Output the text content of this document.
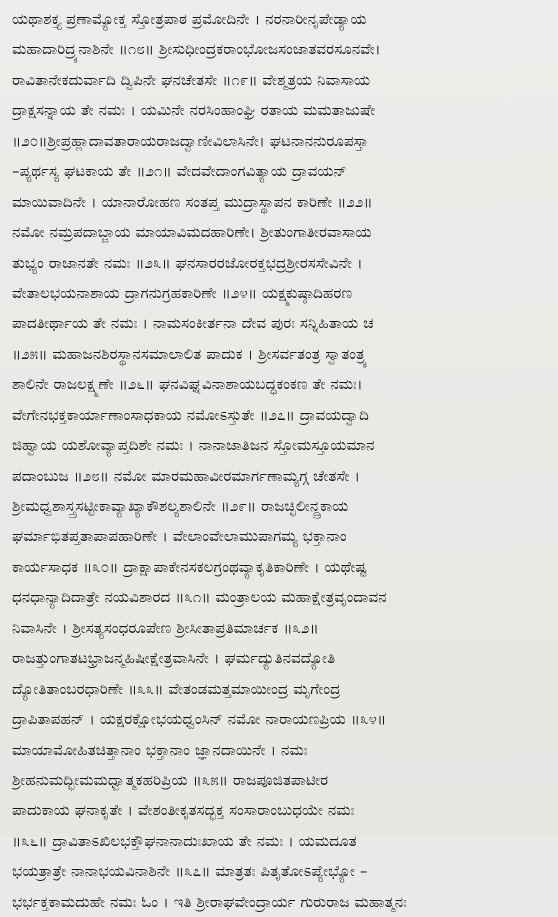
ಯಥಾಶಕ್ತ್ಯ ಪ್ರಣಾಮ್ಯೋಕ್ತ ಸ್ತೋತ್ರಪಾಠ ಪ್ರಮೋದಿನೇ । ನರನಾರೀನೃಪೇಡ್ಯಾಯ
ಮಹಾದಾರಿದ್ರ್ಯನಾಶಿನೇ ॥೧೮॥ ಶ್ರೀಸುಧೀಂದ್ರಕರಾಂಭೋಜಸಂಜಾತವರಸೂನವೇ।
ರಾವಿತಾನೇಕದುರ್ವಾದಿ ದ್ವಿಪಿನೇ ಘನಚೇತಸೇ ॥೧೯॥ ವೇಶ್ಮತ್ರಯ ನಿವಾಸಾಯ
ದ್ರಾಕ್ಷಸನ್ನಾಯ ತೇ ನಮಃ । ಯಮಿನೇ ನರಸಿಂಹಾಂಘ್ರಿ ರತಾಯ ಮಮತಾಜುಷೇ
॥೨೦॥ಶ್ರೀಪ್ರಹ್ಲಾದಾವತಾರಾಯರಾಜದ್ವಾಣೀವಿಲಾಸಿನೇ। ಘಟನಾನನುರೂಪಸ್ತಾ
–ಪ್ಯರ್ಥಸ್ಯ ಘಟಕಾಯ ತೇ ॥೨೧॥ ವೇದವೇದಾಂಗವಿತ್ಯಾಯ ದ್ರಾವಯನ್
ಮಾಯಿವಾದಿನೇ । ಯಾನಾರೋಹಣ ಸಂತಪ್ತ ಮುದ್ರಾಸ್ಥಾಪನ ಕಾರಿಣೇ ॥೨೨॥
ನಮೋ ನಮ್ರಪದಾಬ್ಜಾಯ ಮಾಯಾವಿಮದಹಾರಿಣೇ। ಶ್ರೀತುಂಗಾತೀರವಾಸಾಯ
ತುಭ್ಯಂ ರಾಜಾನತೇ ನಮಃ ॥೨೩॥ ಘನಸಾರರಜೋರಕ್ತಭದ್ರಶ್ರೀರಸಸೇವಿನೇ ।
ವೇತಾಲಭಯನಾಶಾಯ ದ್ರಾಗನುಗ್ರಹಕಾರಿಣೇ ॥೨೪॥ ಯಕ್ಷ್ಮಕುಷ್ಠಾದಿಹರಣ
ಪಾದತೀರ್ಥಾಯ ತೇ ನಮಃ । ನಾಮಸಂಕೀರ್ತನಾ ದೇವ ಪುರಃ ಸನ್ನಿಹಿತಾಯ ಚ
॥೨೫॥ ಮಹಾಜನಶಿರಸ್ಥಾನಸಮಾಲಾಲಿತ ಪಾದುಕ । ಶ್ರೀಸರ್ವತಂತ್ರ ಸ್ವಾತಂತ್ರ್ಯ
ಶಾಲಿನೇ ರಾಜಲಕ್ಷ್ಮಣೇ ॥೨೬॥ ಘನವಿಘ್ನವಿನಾಶಾಯಬದ್ಧಕಂಕಣ ತೇ ನಮಃ।
ವೇಗೇನಭಕ್ತಕಾರ್ಯಾಣಾಂಸಾಧಕಾಯ ನಮೋಽಸ್ತುತೇ ॥೨೭॥ ದ್ರಾವಯದ್ವಾದಿ
ಜಿಹ್ವಾಯ ಯಶೋವ್ಯಾಪ್ತದಿಶೇ ನಮಃ । ನಾನಾಜಾತಿಜನ ಸ್ತೋಮಸ್ತೂಯಮಾನ
ಪದಾಂಬುಜ ॥೨೮॥ ನಮೋ ಮಾರಮಹಾವೀರಮಾರ್ಗಣಾಮ್ಯಗ್ಗ ಚೇತಸೇ ।
ಶ್ರೀಮಧ್ವಶಾಸ್ತ್ರಸಟ್ಟೀಕಾವ್ಯಾಖ್ಯಾಕೌಶಲ್ಯಶಾಲಿನೇ ॥೨೯॥ ರಾಜಚ್ಛಿಲೀನ್ದ್ರಕಾಯ
ಘರ್ಮಾಭಿತಪ್ತತಾಪಾಪಹಾರಿಣೇ । ವೇಲಾಂವೇಲಾಮುಪಾಗಮ್ಯ ಭಕ್ತಾನಾಂ
ಕಾರ್ಯಸಾಧಕ ॥೩೦॥ ದ್ರಾಕ್ಷಾಪಾಕೇನಸಕಲಗ್ರಂಥವ್ಯಾಕೃತಿಕಾರಿಣೇ । ಯಥೇಷ್ಟ
ಧನಧಾನ್ಯಾದಿದಾತ್ರೇ ನಯವಿಶಾರದ ॥೩೧॥ ಮಂತ್ರಾಲಯ ಮಹಾಕ್ಷೇತ್ರವೃಂದಾವನ
ನಿವಾಸಿನೇ । ಶ್ರೀಸತ್ಯಸಂಧರೂಪೇಣ ಶ್ರೀಸೀತಾಪ್ರತಿಮಾರ್ಚಕ ॥೩೨॥
ರಾಜತ್ತುಂಗಾತಟಭ್ರಾಜನ್ಮಹಿಷೀಕ್ಷೇತ್ರವಾಸಿನೇ । ಘರ್ಮದ್ಯುತಿನವದ್ಯೋತಿ
ದ್ಯೋತಿತಾಂಬರಧಾರಿಣೇ ॥೩೩॥ ವೇತಂಡಮತ್ತಮಾಯೀಂದ್ರ ಮೃಗೇಂದ್ರ
ದ್ರಾಪಿತಾಪಹನ್ । ಯಕ್ಷರಕ್ಷೋಭಯಧ್ವಂಸಿನ್ ನಮೋ ನಾರಾಯಣಪ್ರಿಯ ॥೩೪॥
ಮಾಯಾಮೋಹಿತಚಿತ್ತಾನಾಂ ಭಕ್ತಾನಾಂ ಜ್ಞಾನದಾಯಿನೇ । ನಮಃ
ಶ್ರೀಹನುಮದ್ಭೀಮಮಧ್ವಾತ್ಮಕಹರಿಪ್ರಿಯ ॥೩೫॥ ರಾಜಪೂಜಿತಪಾಟೀರ
ಪಾದುಕಾಯ ಘನಾಕೃತೇ । ವೇಶಂತೀಕೃತಸದ್ಭಕ್ತ ಸಂಸಾರಾಂಬುಧಯೇ ನಮಃ
॥೩೬॥ ದ್ರಾವಿತಾಽಖಿಲಭಕ್ತೌಘನಾನಾದುಃಖಾಯ ತೇ ನಮಃ । ಯಮದೂತ
ಭಯತ್ರಾತ್ರೇ ನಾನಾಭಯವಿನಾಶಿನೇ ॥೩೭॥ ಮಾತ್ರತಃ ಪಿತೃತೋಽಪ್ಯೇಭ್ಯೋ –
ಭರ್ಭಕ್ತಕಾಮದುಹೇ ನಮಃ ಓಂ । ಇತಿ ಶ್ರೀರಾಘವೇಂದ್ರಾರ್ಯ ಗುರುರಾಜ ಮಹಾತ್ಮನಃ
